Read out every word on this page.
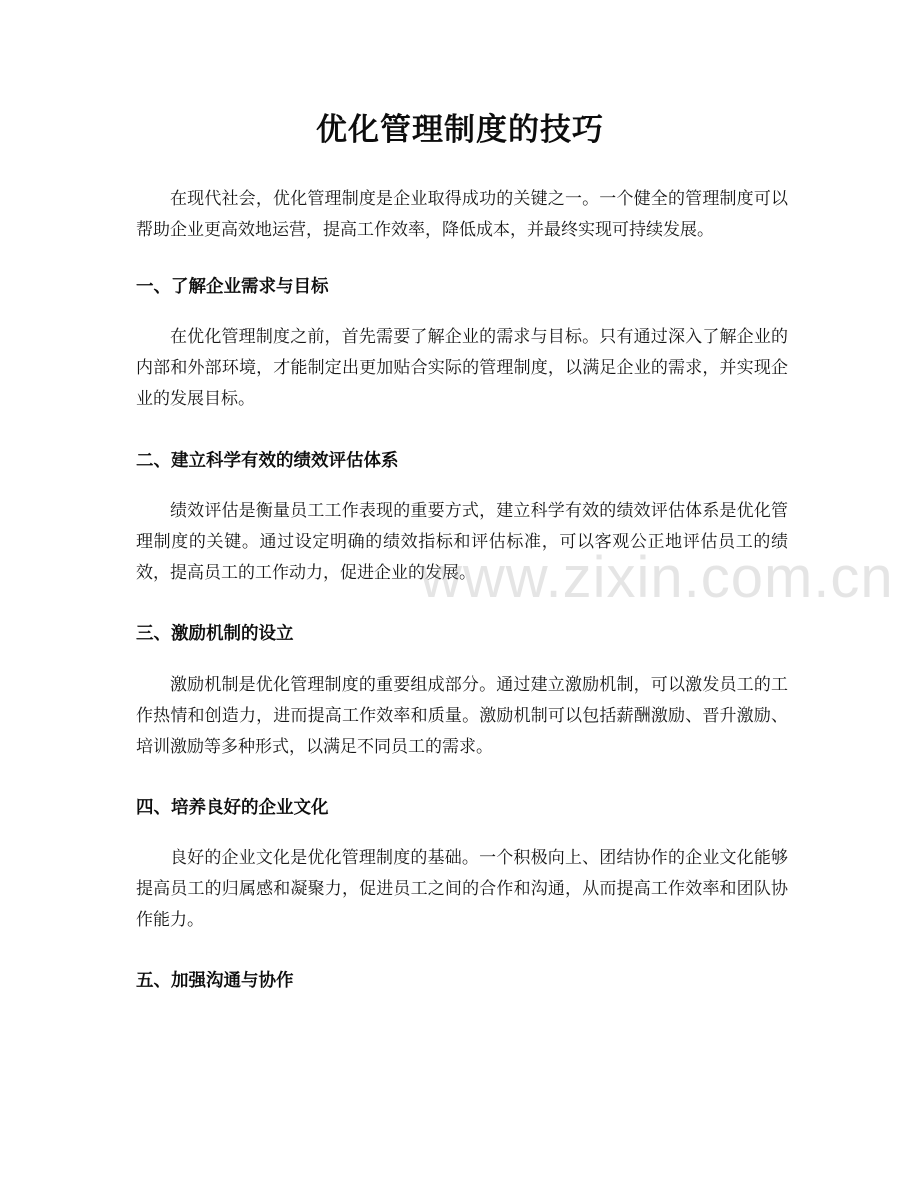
优化管理制度的技巧

在现代社会，优化管理制度是企业取得成功的关键之一。一个健全的管理制度可以帮助企业更高效地运营，提高工作效率，降低成本，并最终实现可持续发展。

一、了解企业需求与目标

在优化管理制度之前，首先需要了解企业的需求与目标。只有通过深入了解企业的内部和外部环境，才能制定出更加贴合实际的管理制度，以满足企业的需求，并实现企业的发展目标。

二、建立科学有效的绩效评估体系

绩效评估是衡量员工工作表现的重要方式，建立科学有效的绩效评估体系是优化管理制度的关键。通过设定明确的绩效指标和评估标准，可以客观公正地评估员工的绩效，提高员工的工作动力，促进企业的发展。

三、激励机制的设立

激励机制是优化管理制度的重要组成部分。通过建立激励机制，可以激发员工的工作热情和创造力，进而提高工作效率和质量。激励机制可以包括薪酬激励、晋升激励、培训激励等多种形式，以满足不同员工的需求。

四、培养良好的企业文化

良好的企业文化是优化管理制度的基础。一个积极向上、团结协作的企业文化能够提高员工的归属感和凝聚力，促进员工之间的合作和沟通，从而提高工作效率和团队协作能力。

五、加强沟通与协作
www.zixin.com.cn
